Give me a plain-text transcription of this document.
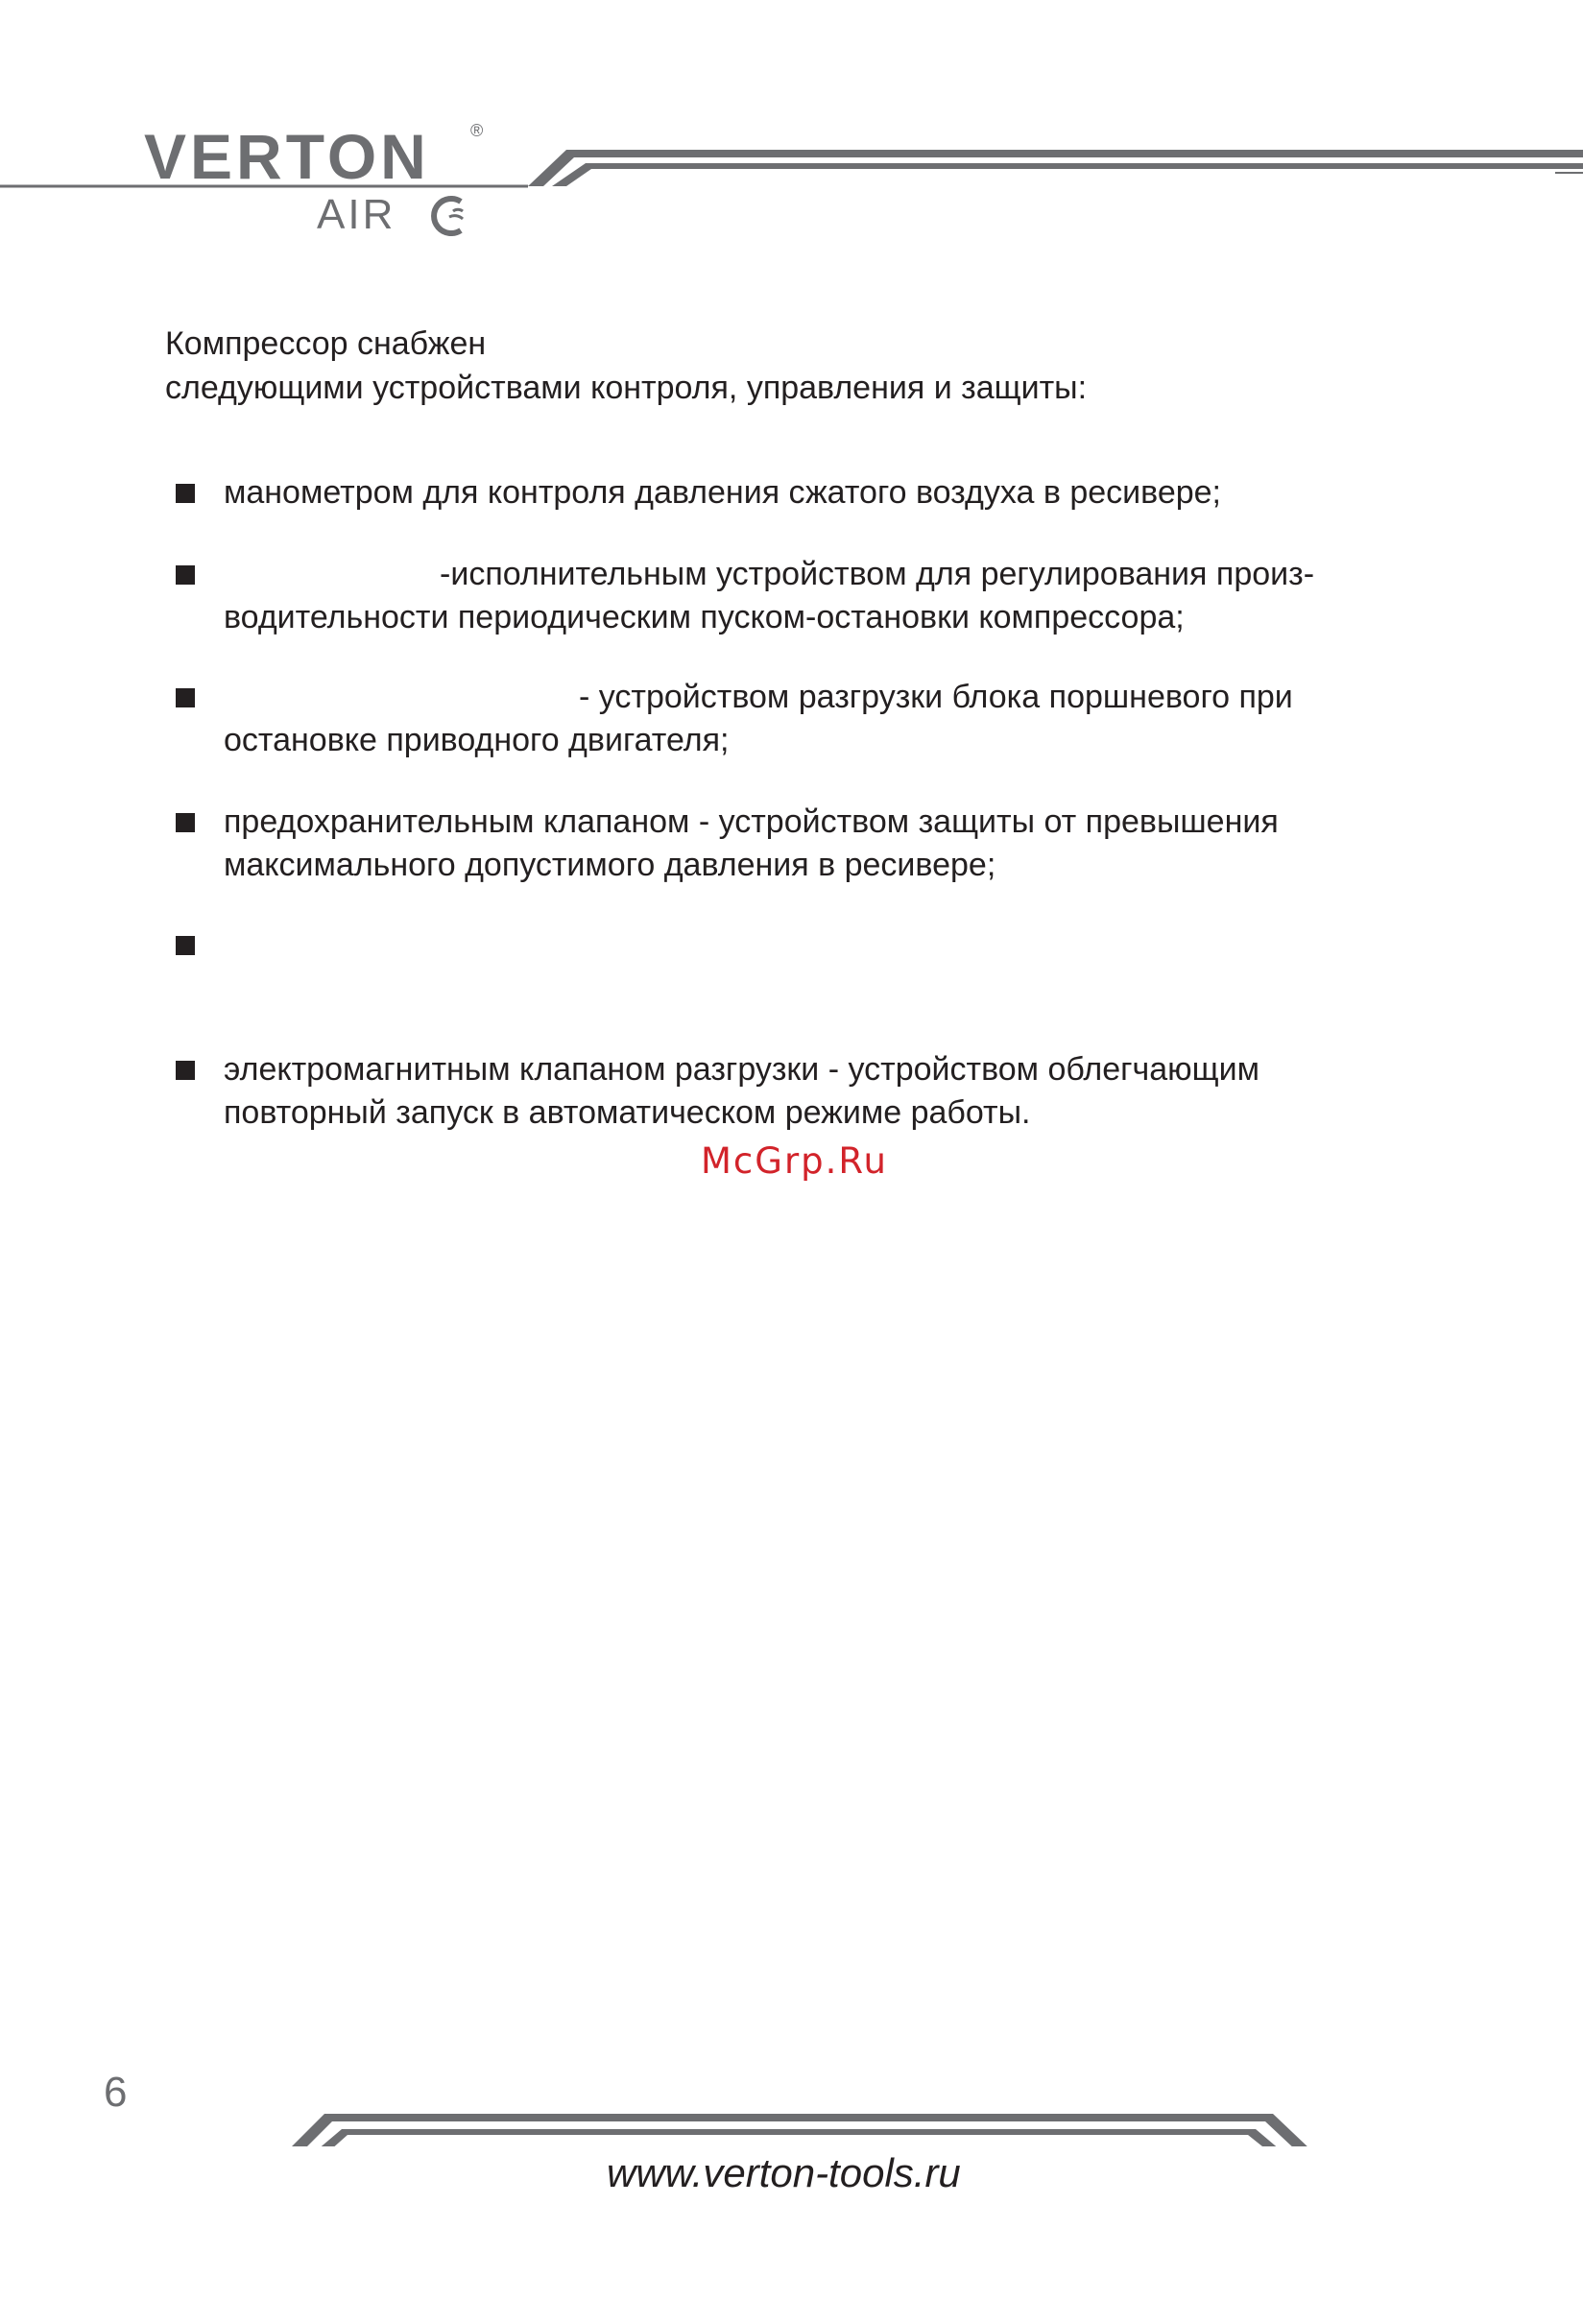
VERTON ®
AIR
Компрессор снабжен
следующими устройствами контроля, управления и защиты:
манометром для контроля давления сжатого воздуха в ресивере;
-исполнительным устройством для регулирования произ-
водительности периодическим пуском-остановки компрессора;
- устройством разгрузки блока поршневого при
остановке приводного двигателя;
предохранительным клапаном - устройством защиты от превышения
максимального допустимого давления в ресивере;
электромагнитным клапаном разгрузки - устройством облегчающим
повторный запуск в автоматическом режиме работы.
McGrp.Ru
6
www.verton-tools.ru
